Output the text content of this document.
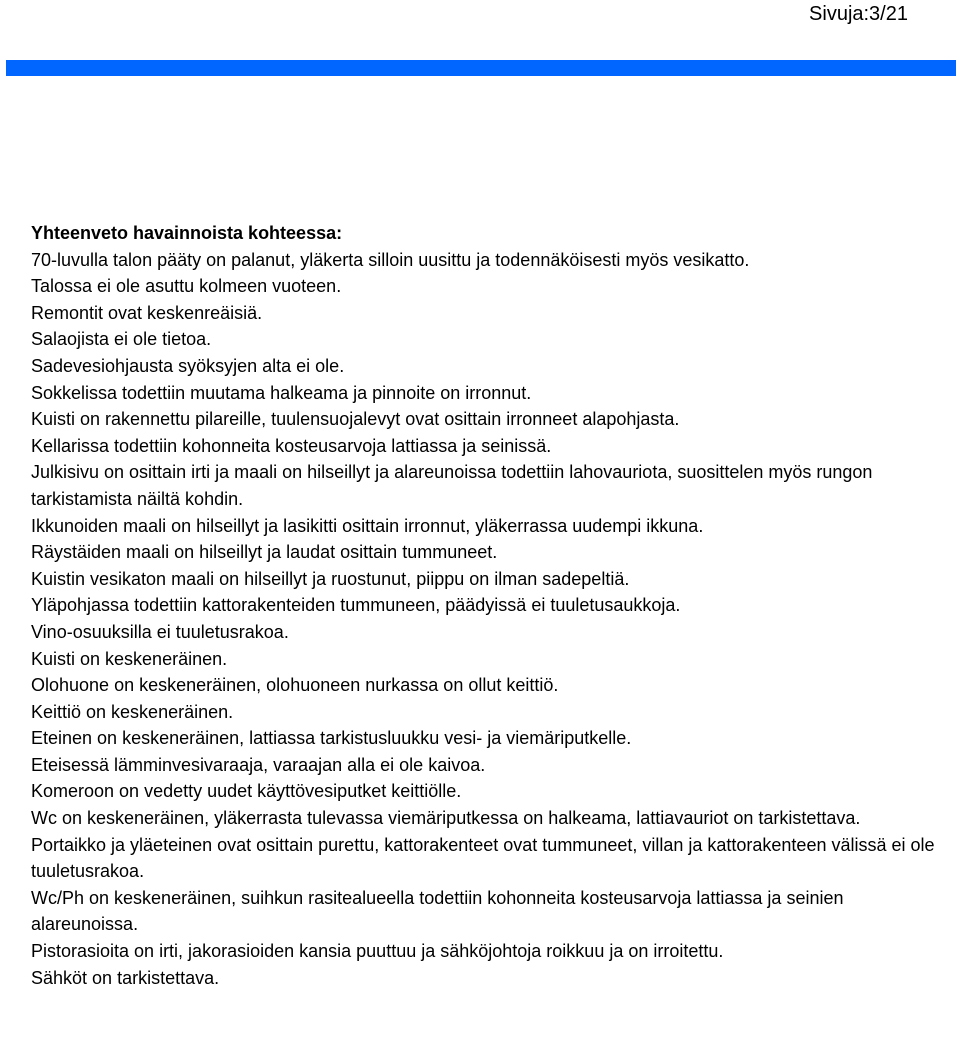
Sivuja:3/21
Yhteenveto havainnoista kohteessa:

70-luvulla talon pääty on palanut, yläkerta silloin uusittu ja todennäköisesti myös vesikatto.

Talossa ei ole asuttu kolmeen vuoteen.

Remontit ovat keskenreäisiä.

Salaojista ei ole tietoa.

Sadevesiohjausta syöksyjen alta ei ole.

Sokkelissa todettiin muutama halkeama ja pinnoite on irronnut.

Kuisti on rakennettu pilareille, tuulensuojalevyt ovat osittain irronneet alapohjasta.

Kellarissa todettiin kohonneita kosteusarvoja lattiassa ja seinissä.

Julkisivu on osittain irti ja maali on hilseillyt ja alareunoissa todettiin lahovauriota, suosittelen myös rungon tarkistamista näiltä kohdin.

Ikkunoiden maali on hilseillyt ja lasikitti osittain irronnut, yläkerrassa uudempi ikkuna.

Räystäiden maali on hilseillyt ja laudat osittain tummuneet.

Kuistin vesikaton maali on hilseillyt ja ruostunut, piippu on ilman sadepeltiä.

Yläpohjassa todettiin kattorakenteiden tummuneen, päädyissä ei tuuletusaukkoja.

Vino-osuuksilla ei tuuletusrakoa.

Kuisti on keskeneräinen.

Olohuone on keskeneräinen, olohuoneen nurkassa on ollut keittiö.

Keittiö on keskeneräinen.

Eteinen on keskeneräinen, lattiassa tarkistusluukku vesi- ja viemäriputkelle.

Eteisessä lämminvesivaraaja, varaajan alla ei ole kaivoa.

Komeroon on vedetty uudet käyttövesiputket keittiölle.

Wc on keskeneräinen, yläkerrasta tulevassa viemäriputkessa on halkeama, lattiavauriot on tarkistettava.

Portaikko ja yläeteinen ovat osittain purettu, kattorakenteet ovat tummuneet, villan ja kattorakenteen välissä ei ole tuuletusrakoa.

Wc/Ph on keskeneräinen, suihkun rasitealueella todettiin kohonneita kosteusarvoja lattiassa ja seinien alareunoissa.

Pistorasioita on irti, jakorasioiden kansia puuttuu ja sähköjohtoja roikkuu ja on irroitettu.

Sähköt on tarkistettava.
